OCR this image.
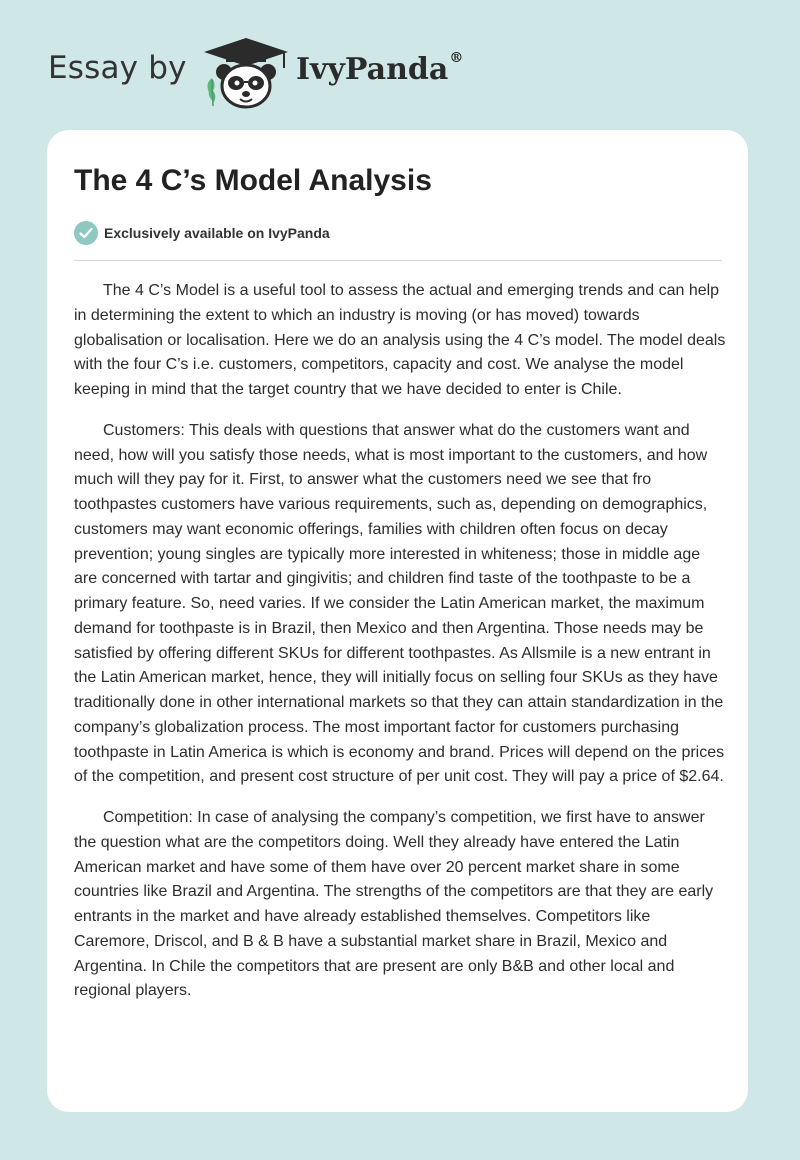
Essay by	IvyPanda®
The 4 C’s Model Analysis
Exclusively available on IvyPanda

The 4 C’s Model is a useful tool to assess the actual and emerging trends and can help in determining the extent to which an industry is moving (or has moved) towards globalisation or localisation. Here we do an analysis using the 4 C’s model. The model deals with the four C’s i.e. customers, competitors, capacity and cost. We analyse the model keeping in mind that the target country that we have decided to enter is Chile.

Customers: This deals with questions that answer what do the customers want and need, how will you satisfy those needs, what is most important to the customers, and how much will they pay for it. First, to answer what the customers need we see that fro toothpastes customers have various requirements, such as, depending on demographics, customers may want economic offerings, families with children often focus on decay prevention; young singles are typically more interested in whiteness; those in middle age are concerned with tartar and gingivitis; and children find taste of the toothpaste to be a primary feature. So, need varies. If we consider the Latin American market, the maximum demand for toothpaste is in Brazil, then Mexico and then Argentina. Those needs may be satisfied by offering different SKUs for different toothpastes. As Allsmile is a new entrant in the Latin American market, hence, they will initially focus on selling four SKUs as they have traditionally done in other international markets so that they can attain standardization in the company’s globalization process. The most important factor for customers purchasing toothpaste in Latin America is which is economy and brand. Prices will depend on the prices of the competition, and present cost structure of per unit cost. They will pay a price of $2.64.

Competition: In case of analysing the company’s competition, we first have to answer the question what are the competitors doing. Well they already have entered the Latin American market and have some of them have over 20 percent market share in some countries like Brazil and Argentina. The strengths of the competitors are that they are early entrants in the market and have already established themselves. Competitors like Caremore, Driscol, and B & B have a substantial market share in Brazil, Mexico and Argentina. In Chile the competitors that are present are only B&B and other local and regional players.
